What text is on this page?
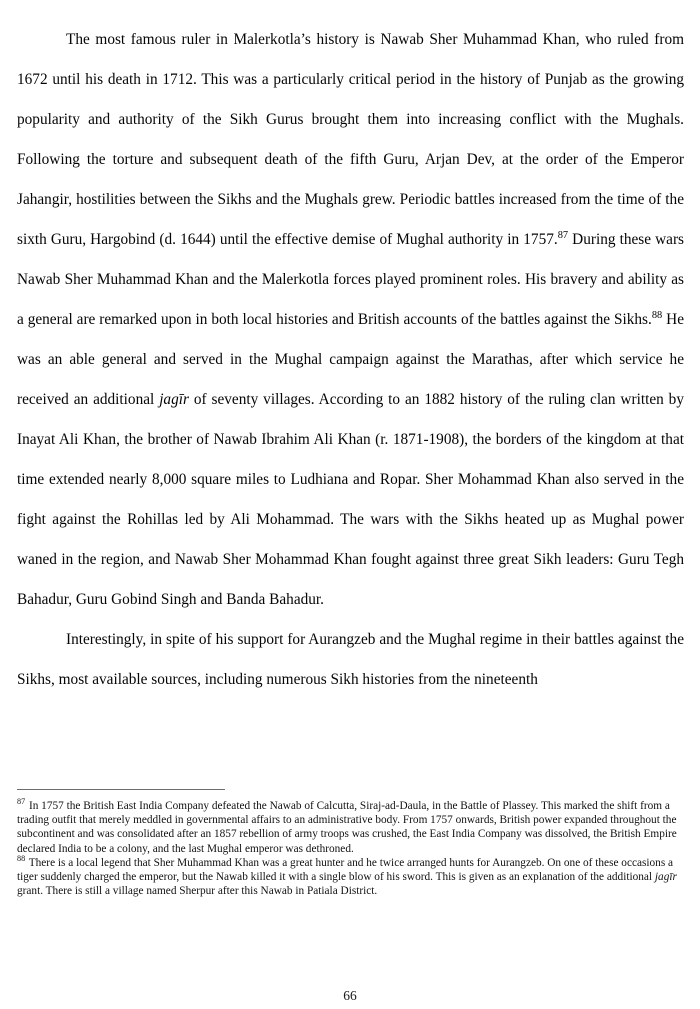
The most famous ruler in Malerkotla’s history is Nawab Sher Muhammad Khan, who ruled from 1672 until his death in 1712. This was a particularly critical period in the history of Punjab as the growing popularity and authority of the Sikh Gurus brought them into increasing conflict with the Mughals. Following the torture and subsequent death of the fifth Guru, Arjan Dev, at the order of the Emperor Jahangir, hostilities between the Sikhs and the Mughals grew. Periodic battles increased from the time of the sixth Guru, Hargobind (d. 1644) until the effective demise of Mughal authority in 1757.87 During these wars Nawab Sher Muhammad Khan and the Malerkotla forces played prominent roles. His bravery and ability as a general are remarked upon in both local histories and British accounts of the battles against the Sikhs.$^{88}$ He was an able general and served in the Mughal campaign against the Marathas, after which service he received an additional jagīr of seventy villages. According to an 1882 history of the ruling clan written by Inayat Ali Khan, the brother of Nawab Ibrahim Ali Khan (r. 1871-1908), the borders of the kingdom at that time extended nearly 8,000 square miles to Ludhiana and Ropar. Sher Mohammad Khan also served in the fight against the Rohillas led by Ali Mohammad. The wars with the Sikhs heated up as Mughal power waned in the region, and Nawab Sher Mohammad Khan fought against three great Sikh leaders: Guru Tegh Bahadur, Guru Gobind Singh and Banda Bahadur.

Interestingly, in spite of his support for Aurangzeb and the Mughal regime in their battles against the Sikhs, most available sources, including numerous Sikh histories from the nineteenth

$^{87}$ In 1757 the British East India Company defeated the Nawab of Calcutta, Siraj-ad-Daula, in the Battle of Plassey. This marked the shift from a trading outfit that merely meddled in governmental affairs to an administrative body. From 1757 onwards, British power expanded throughout the subcontinent and was consolidated after an 1857 rebellion of army troops was crushed, the East India Company was dissolved, the British Empire declared India to be a colony, and the last Mughal emperor was dethroned.

$^{88}$ There is a local legend that Sher Muhammad Khan was a great hunter and he twice arranged hunts for Aurangzeb. On one of these occasions a tiger suddenly charged the emperor, but the Nawab killed it with a single blow of his sword. This is given as an explanation of the additional jagīr grant. There is still a village named Sherpur after this Nawab in Patiala District.

66
